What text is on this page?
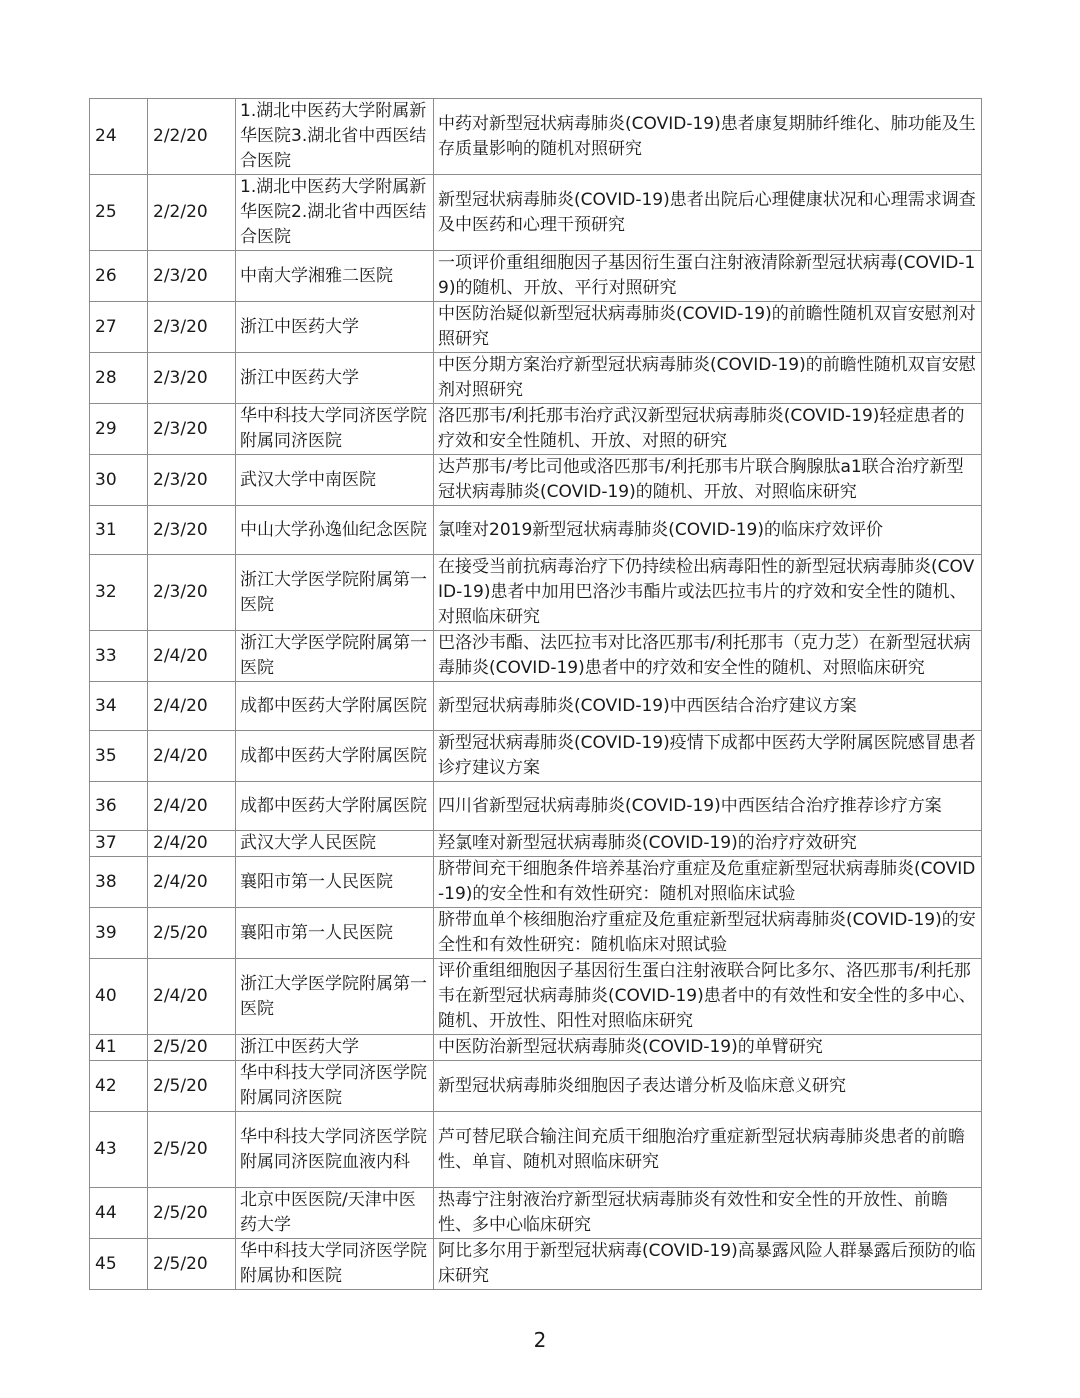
24	2/2/20	1.湖北中医药大学附属新华医院3.湖北省中西医结合医院	中药对新型冠状病毒肺炎(COVID-19)患者康复期肺纤维化、肺功能及生存质量影响的随机对照研究
25	2/2/20	1.湖北中医药大学附属新华医院2.湖北省中西医结合医院	新型冠状病毒肺炎(COVID-19)患者出院后心理健康状况和心理需求调查及中医药和心理干预研究
26	2/3/20	中南大学湘雅二医院	一项评价重组细胞因子基因衍生蛋白注射液清除新型冠状病毒(COVID-19)的随机、开放、平行对照研究
27	2/3/20	浙江中医药大学	中医防治疑似新型冠状病毒肺炎(COVID-19)的前瞻性随机双盲安慰剂对照研究
28	2/3/20	浙江中医药大学	中医分期方案治疗新型冠状病毒肺炎(COVID-19)的前瞻性随机双盲安慰剂对照研究
29	2/3/20	华中科技大学同济医学院附属同济医院	洛匹那韦/利托那韦治疗武汉新型冠状病毒肺炎(COVID-19)轻症患者的疗效和安全性随机、开放、对照的研究
30	2/3/20	武汉大学中南医院	达芦那韦/考比司他或洛匹那韦/利托那韦片联合胸腺肽a1联合治疗新型冠状病毒肺炎(COVID-19)的随机、开放、对照临床研究
31	2/3/20	中山大学孙逸仙纪念医院	氯喹对2019新型冠状病毒肺炎(COVID-19)的临床疗效评价
32	2/3/20	浙江大学医学院附属第一医院	在接受当前抗病毒治疗下仍持续检出病毒阳性的新型冠状病毒肺炎(COVID-19)患者中加用巴洛沙韦酯片或法匹拉韦片的疗效和安全性的随机、对照临床研究
33	2/4/20	浙江大学医学院附属第一医院	巴洛沙韦酯、法匹拉韦对比洛匹那韦/利托那韦（克力芝）在新型冠状病毒肺炎(COVID-19)患者中的疗效和安全性的随机、对照临床研究
34	2/4/20	成都中医药大学附属医院	新型冠状病毒肺炎(COVID-19)中西医结合治疗建议方案
35	2/4/20	成都中医药大学附属医院	新型冠状病毒肺炎(COVID-19)疫情下成都中医药大学附属医院感冒患者诊疗建议方案
36	2/4/20	成都中医药大学附属医院	四川省新型冠状病毒肺炎(COVID-19)中西医结合治疗推荐诊疗方案
37	2/4/20	武汉大学人民医院	羟氯喹对新型冠状病毒肺炎(COVID-19)的治疗疗效研究
38	2/4/20	襄阳市第一人民医院	脐带间充干细胞条件培养基治疗重症及危重症新型冠状病毒肺炎(COVID-19)的安全性和有效性研究：随机对照临床试验
39	2/5/20	襄阳市第一人民医院	脐带血单个核细胞治疗重症及危重症新型冠状病毒肺炎(COVID-19)的安全性和有效性研究：随机临床对照试验
40	2/4/20	浙江大学医学院附属第一医院	评价重组细胞因子基因衍生蛋白注射液联合阿比多尔、洛匹那韦/利托那韦在新型冠状病毒肺炎(COVID-19)患者中的有效性和安全性的多中心、随机、开放性、阳性对照临床研究
41	2/5/20	浙江中医药大学	中医防治新型冠状病毒肺炎(COVID-19)的单臂研究
42	2/5/20	华中科技大学同济医学院附属同济医院	新型冠状病毒肺炎细胞因子表达谱分析及临床意义研究
43	2/5/20	华中科技大学同济医学院附属同济医院血液内科	芦可替尼联合输注间充质干细胞治疗重症新型冠状病毒肺炎患者的前瞻性、单盲、随机对照临床研究
44	2/5/20	北京中医医院/天津中医药大学	热毒宁注射液治疗新型冠状病毒肺炎有效性和安全性的开放性、前瞻性、多中心临床研究
45	2/5/20	华中科技大学同济医学院附属协和医院	阿比多尔用于新型冠状病毒(COVID-19)高暴露风险人群暴露后预防的临床研究
2
